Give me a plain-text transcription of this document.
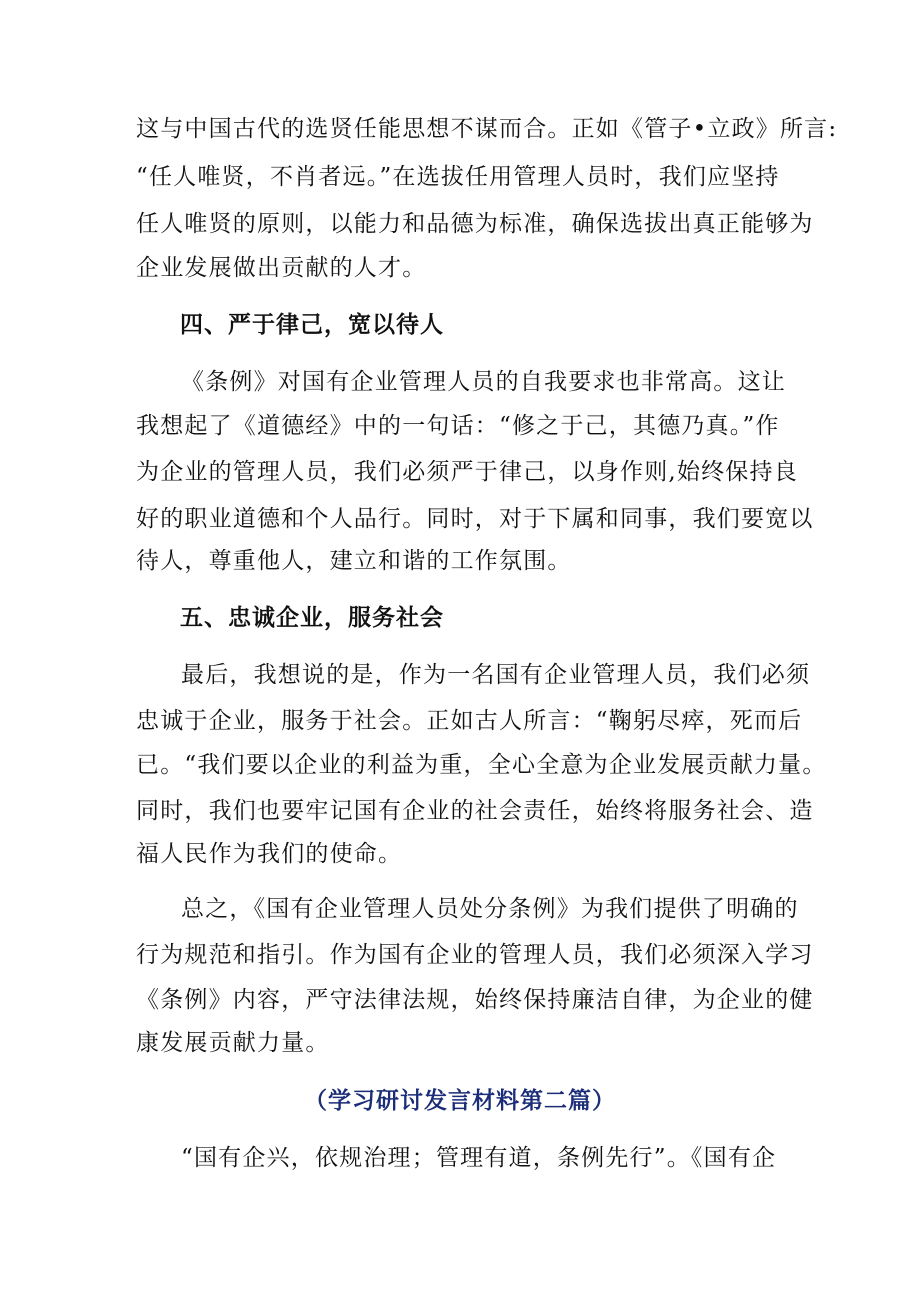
这与中国古代的选贤任能思想不谋而合。正如《管子•立政》所言:
“任人唯贤，不肖者远。”在选拔任用管理人员时，我们应坚持
任人唯贤的原则，以能力和品德为标准，确保选拔出真正能够为
企业发展做出贡献的人才。
四、严于律己，宽以待人
《条例》对国有企业管理人员的自我要求也非常高。这让
我想起了《道德经》中的一句话：“修之于己，其德乃真。”作
为企业的管理人员，我们必须严于律己，以身作则,始终保持良
好的职业道德和个人品行。同时，对于下属和同事，我们要宽以
待人，尊重他人，建立和谐的工作氛围。
五、忠诚企业，服务社会
最后，我想说的是，作为一名国有企业管理人员，我们必须
忠诚于企业，服务于社会。正如古人所言：“鞠躬尽瘁，死而后
已。“我们要以企业的利益为重，全心全意为企业发展贡献力量。
同时，我们也要牢记国有企业的社会责任，始终将服务社会、造
福人民作为我们的使命。
总之，《国有企业管理人员处分条例》为我们提供了明确的
行为规范和指引。作为国有企业的管理人员，我们必须深入学习
《条例》内容，严守法律法规，始终保持廉洁自律，为企业的健
康发展贡献力量。
（学习研讨发言材料第二篇）
“国有企兴，依规治理；管理有道，条例先行”。《国有企
